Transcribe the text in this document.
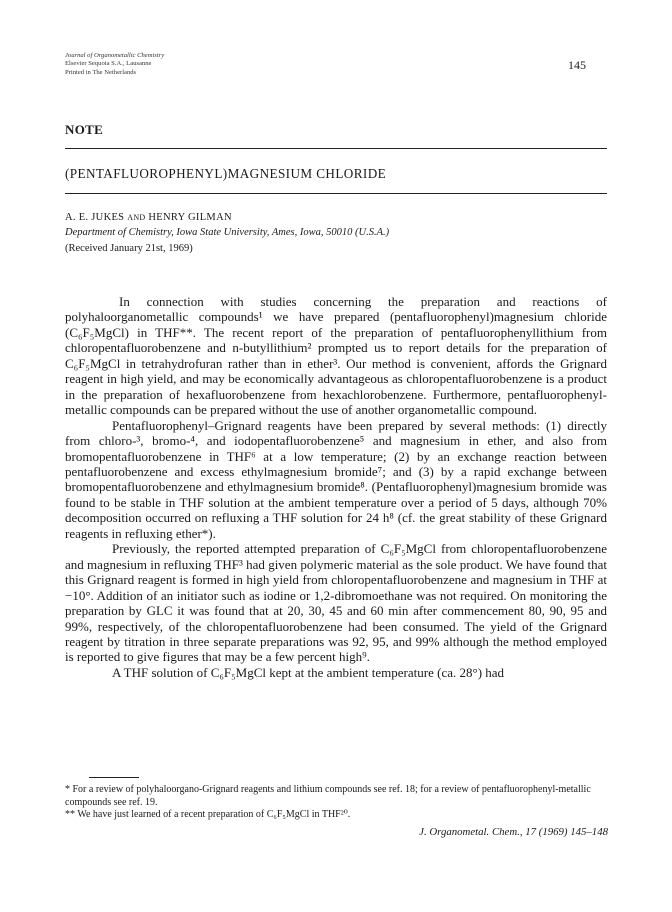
Journal of Organometallic Chemistry
Elsevier Sequoia S.A., Lausanne
Printed in The Netherlands
145
NOTE
(PENTAFLUOROPHENYL)MAGNESIUM CHLORIDE
A. E. JUKES AND HENRY GILMAN
Department of Chemistry, Iowa State University, Ames, Iowa, 50010 (U.S.A.)
(Received January 21st, 1969)

In connection with studies concerning the preparation and reactions of polyhaloorganometallic compounds¹ we have prepared (pentafluorophenyl)magnesium chloride (C₆F₅MgCl) in THF**. The recent report of the preparation of pentafluorophenyllithium from chloropentafluorobenzene and n-butyllithium² prompted us to report details for the preparation of C₆F₅MgCl in tetrahydrofuran rather than in ether³. Our method is convenient, affords the Grignard reagent in high yield, and may be economically advantageous as chloropentafluorobenzene is a product in the preparation of hexafluorobenzene from hexachlorobenzene. Furthermore, pentafluorophenyl-metallic compounds can be prepared without the use of another organometallic compound.

Pentafluorophenyl–Grignard reagents have been prepared by several methods: (1) directly from chloro-³, bromo-⁴, and iodopentafluorobenzene⁵ and magnesium in ether, and also from bromopentafluorobenzene in THF⁶ at a low temperature; (2) by an exchange reaction between pentafluorobenzene and excess ethylmagnesium bromide⁷; and (3) by a rapid exchange between bromopentafluorobenzene and ethylmagnesium bromide⁸. (Pentafluorophenyl)magnesium bromide was found to be stable in THF solution at the ambient temperature over a period of 5 days, although 70% decomposition occurred on refluxing a THF solution for 24 h⁸ (cf. the great stability of these Grignard reagents in refluxing ether*).

Previously, the reported attempted preparation of C₆F₅MgCl from chloropentafluorobenzene and magnesium in refluxing THF³ had given polymeric material as the sole product. We have found that this Grignard reagent is formed in high yield from chloropentafluorobenzene and magnesium in THF at −10°. Addition of an initiator such as iodine or 1,2-dibromoethane was not required. On monitoring the preparation by GLC it was found that at 20, 30, 45 and 60 min after commencement 80, 90, 95 and 99%, respectively, of the chloropentafluorobenzene had been consumed. The yield of the Grignard reagent by titration in three separate preparations was 92, 95, and 99% although the method employed is reported to give figures that may be a few percent high⁹.

A THF solution of C₆F₅MgCl kept at the ambient temperature (ca. 28°) had

* For a review of polyhaloorgano-Grignard reagents and lithium compounds see ref. 18; for a review of pentafluorophenyl-metallic compounds see ref. 19.

** We have just learned of a recent preparation of C₆F₅MgCl in THF²⁰.

J. Organometal. Chem., 17 (1969) 145–148
